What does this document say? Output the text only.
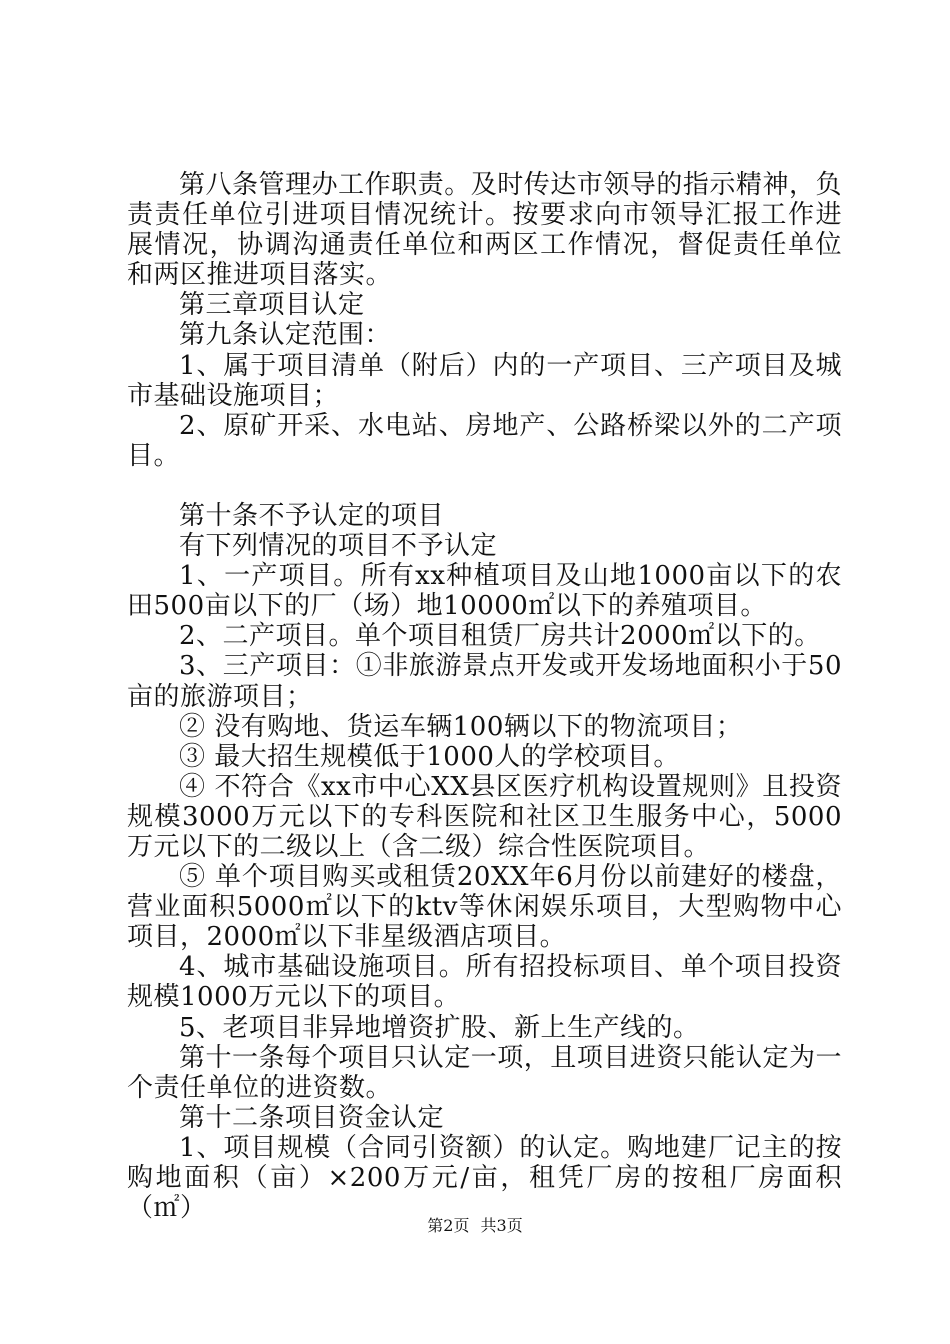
第八条管理办工作职责。及时传达市领导的指示精神，负责责任单位引进项目情况统计。按要求向市领导汇报工作进展情况，协调沟通责任单位和两区工作情况，督促责任单位和两区推进项目落实。

第三章项目认定

第九条认定范围：

1、属于项目清单（附后）内的一产项目、三产项目及城市基础设施项目；

2、原矿开采、水电站、房地产、公路桥梁以外的二产项目。

第十条不予认定的项目

有下列情况的项目不予认定

1、一产项目。所有xx种植项目及山地1000亩以下的农田500亩以下的厂（场）地10000㎡以下的养殖项目。

2、二产项目。单个项目租赁厂房共计2000㎡以下的。

3、三产项目：①非旅游景点开发或开发场地面积小于50亩的旅游项目；

② 没有购地、货运车辆100辆以下的物流项目；

③ 最大招生规模低于1000人的学校项目。

④ 不符合《xx市中心XX县区医疗机构设置规则》且投资规模3000万元以下的专科医院和社区卫生服务中心，5000万元以下的二级以上（含二级）综合性医院项目。

⑤ 单个项目购买或租赁20XX年6月份以前建好的楼盘，营业面积5000㎡以下的ktv等休闲娱乐项目，大型购物中心项目，2000㎡以下非星级酒店项目。

4、城市基础设施项目。所有招投标项目、单个项目投资规模1000万元以下的项目。

5、老项目非异地增资扩股、新上生产线的。

第十一条每个项目只认定一项，且项目进资只能认定为一个责任单位的进资数。

第十二条项目资金认定

1、项目规模（合同引资额）的认定。购地建厂记主的按购地面积（亩）×200万元/亩，租凭厂房的按租厂房面积（㎡）

第2页 共3页
